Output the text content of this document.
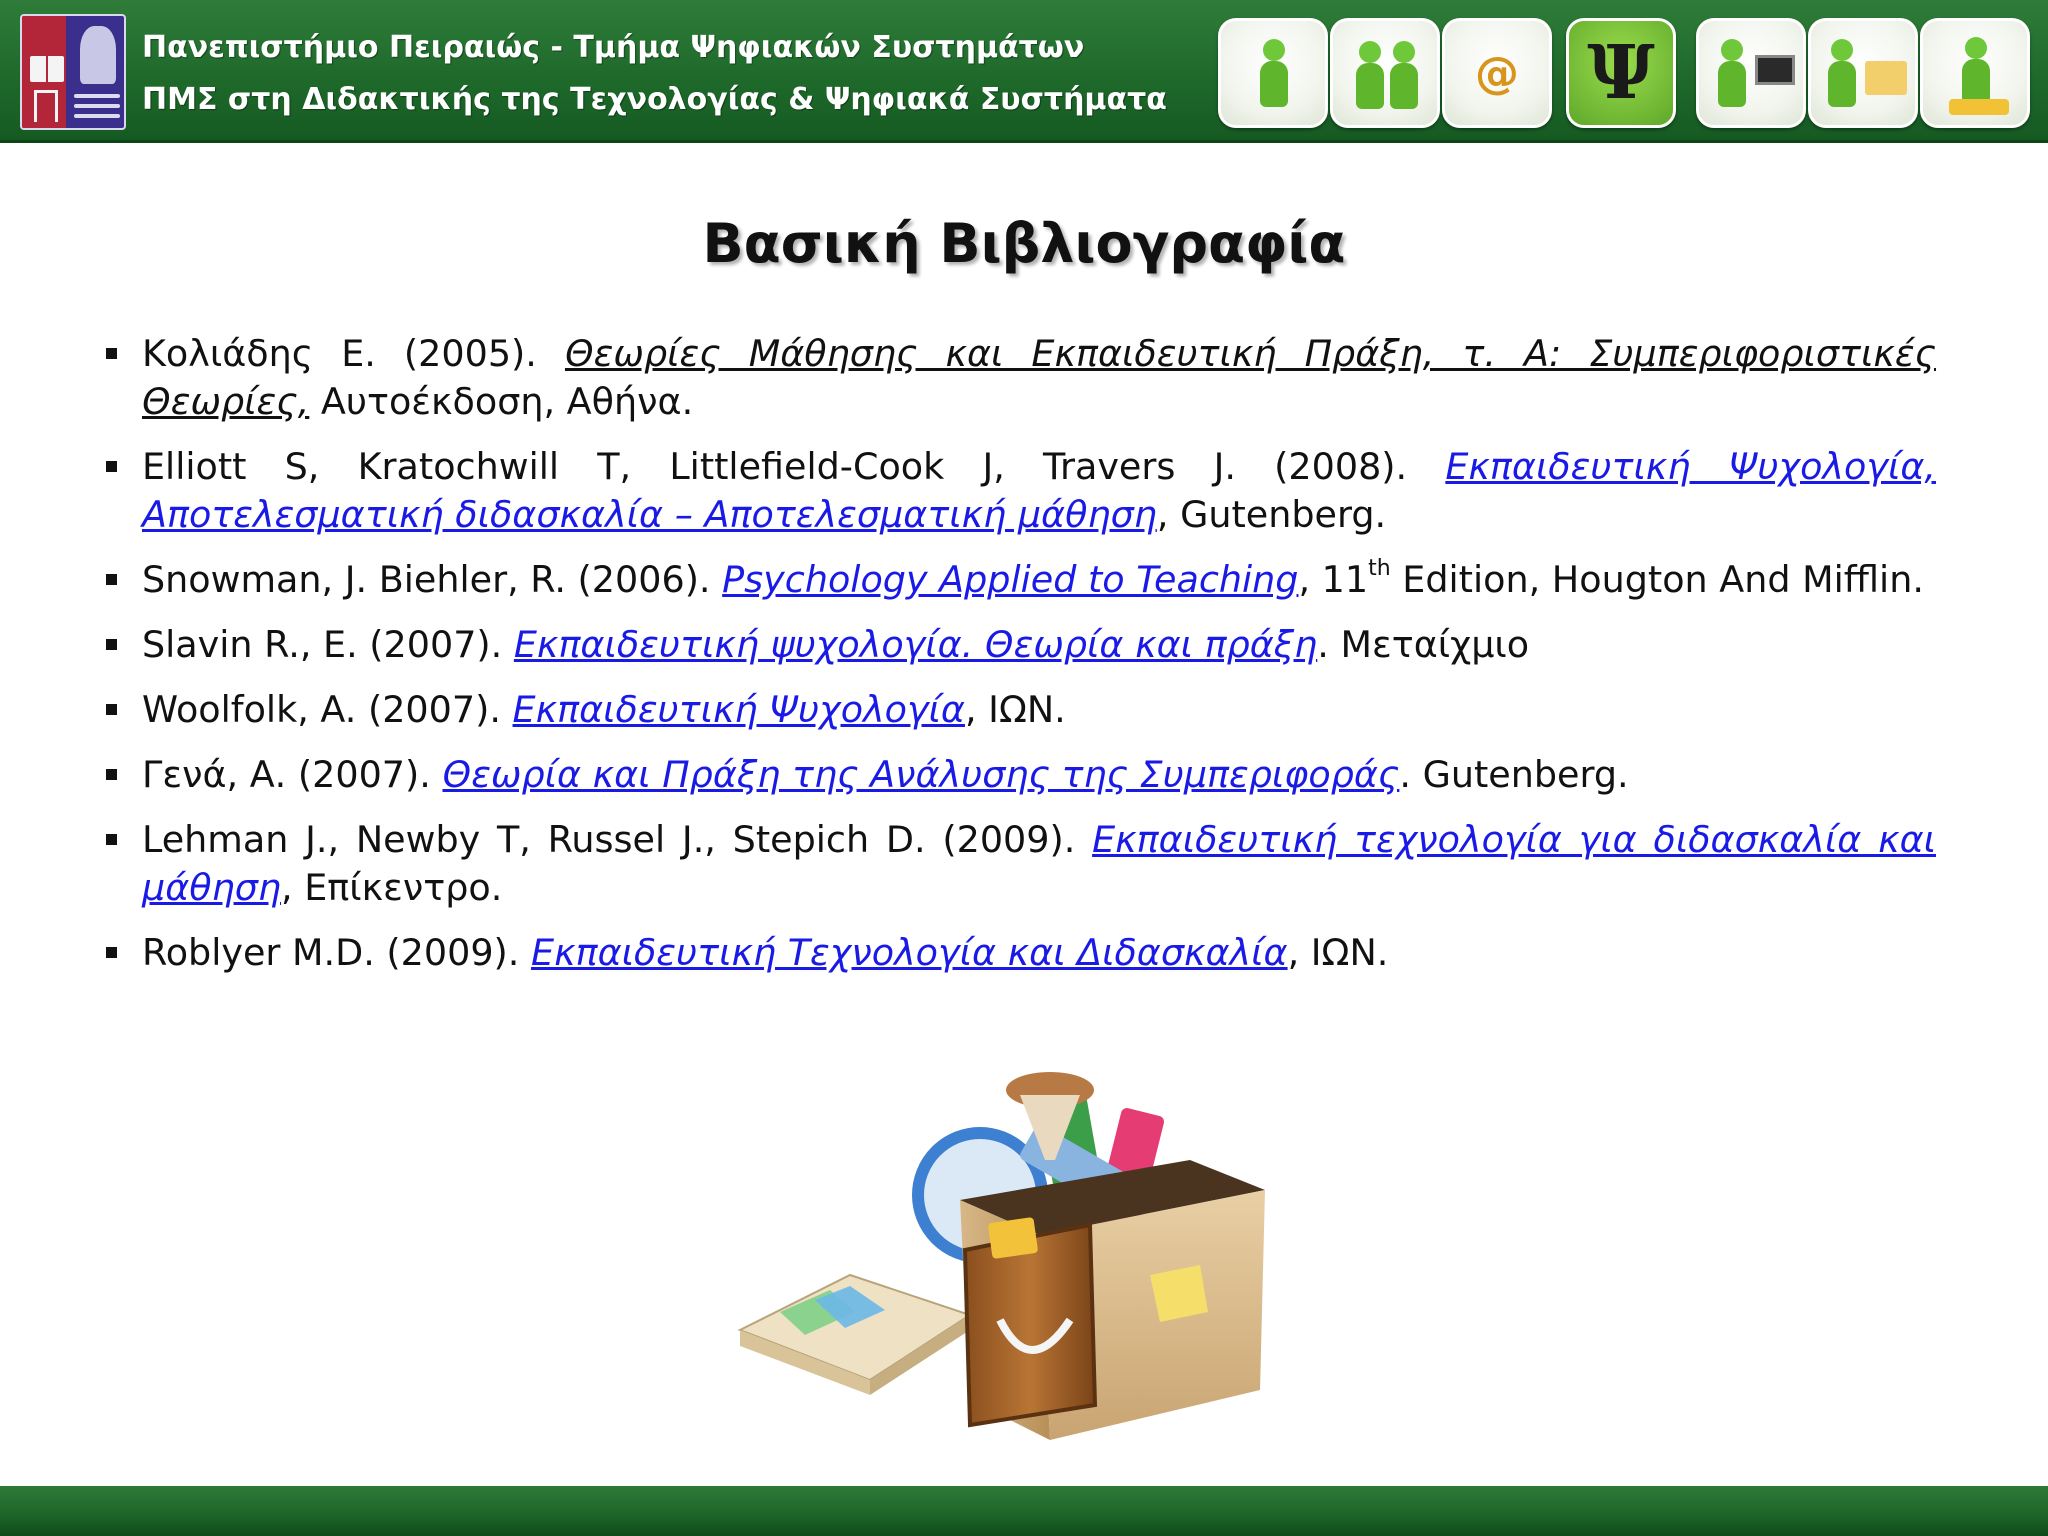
Πανεπιστήμιο Πειραιώς - Τμήμα Ψηφιακών Συστημάτων
ΠΜΣ στη Διδακτικής της Τεχνολογίας & Ψηφιακά Συστήματα
@ Ψ
Βασική Βιβλιογραφία
Κολιάδης Ε. (2005). Θεωρίες Μάθησης και Εκπαιδευτική Πράξη, τ. Α: Συμπεριφοριστικές Θεωρίες, Αυτοέκδοση, Αθήνα.
Elliott S, Kratochwill T, Littlefield-Cook J, Travers J. (2008). Εκπαιδευτική Ψυχολογία, Αποτελεσματική διδασκαλία – Αποτελεσματική μάθηση, Gutenberg.
Snowman, J. Biehler, R. (2006). Psychology Applied to Teaching, 11th Edition, Hougton And Mifflin.
Slavin R., E. (2007). Εκπαιδευτική ψυχολογία. Θεωρία και πράξη. Μεταίχμιο
Woolfolk, A. (2007). Εκπαιδευτική Ψυχολογία, ΙΩΝ.
Γενά, Α. (2007). Θεωρία και Πράξη της Ανάλυσης της Συμπεριφοράς. Gutenberg.
Lehman J., Newby T, Russel J., Stepich D. (2009). Εκπαιδευτική τεχνολογία για διδασκαλία και μάθηση, Επίκεντρο.
Roblyer M.D. (2009). Εκπαιδευτική Τεχνολογία και Διδασκαλία, ΙΩΝ.
